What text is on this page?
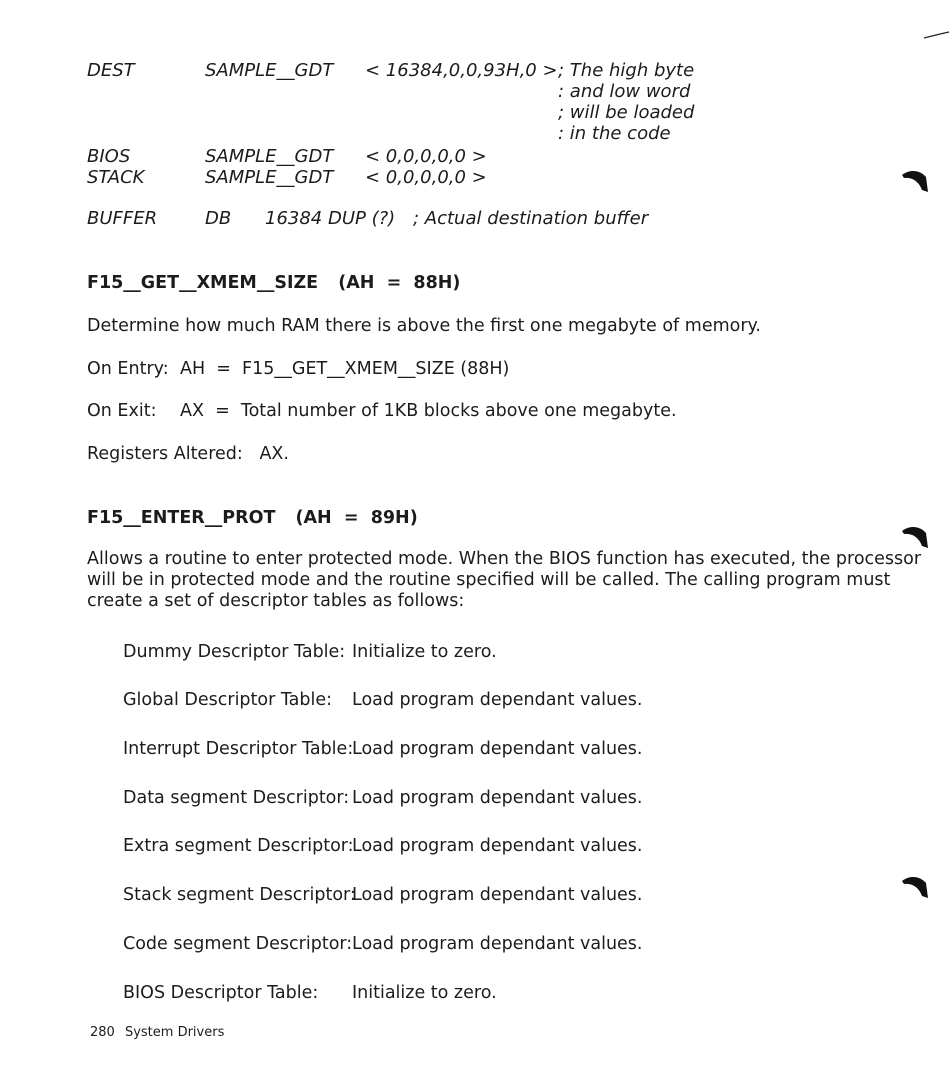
DEST	SAMPLE__GDT < 16384,0,0,93H,0 > ; The high byte
: and low word
; will be loaded
: in the code
BIOS	SAMPLE__GDT < 0,0,0,0,0 >
STACK	SAMPLE__GDT < 0,0,0,0,0 >
BUFFER	DB 16384 DUP (?) ; Actual destination buffer
F15__GET__XMEM__SIZE (AH  =  88H)
Determine how much RAM there is above the first one megabyte of memory.
On Entry: AH  =  F15__GET__XMEM__SIZE (88H)
On Exit: AX  =  Total number of 1KB blocks above one megabyte.
Registers Altered:   AX.
F15__ENTER__PROT (AH  =  89H)
Allows a routine to enter protected mode. When the BIOS function has executed, the processor
will be in protected mode and the routine specified will be called. The calling program must
create a set of descriptor tables as follows:
Dummy Descriptor Table: Initialize to zero.
Global Descriptor Table: Load program dependant values.
Interrupt Descriptor Table:
Load program dependant values.
Data segment Descriptor: Load program dependant values.
Extra segment Descriptor:
Load program dependant values.
Stack segment Descriptor:
Load program dependant values.
Code segment Descriptor: Load program dependant values.
BIOS Descriptor Table: Initialize to zero.
280 System Drivers
